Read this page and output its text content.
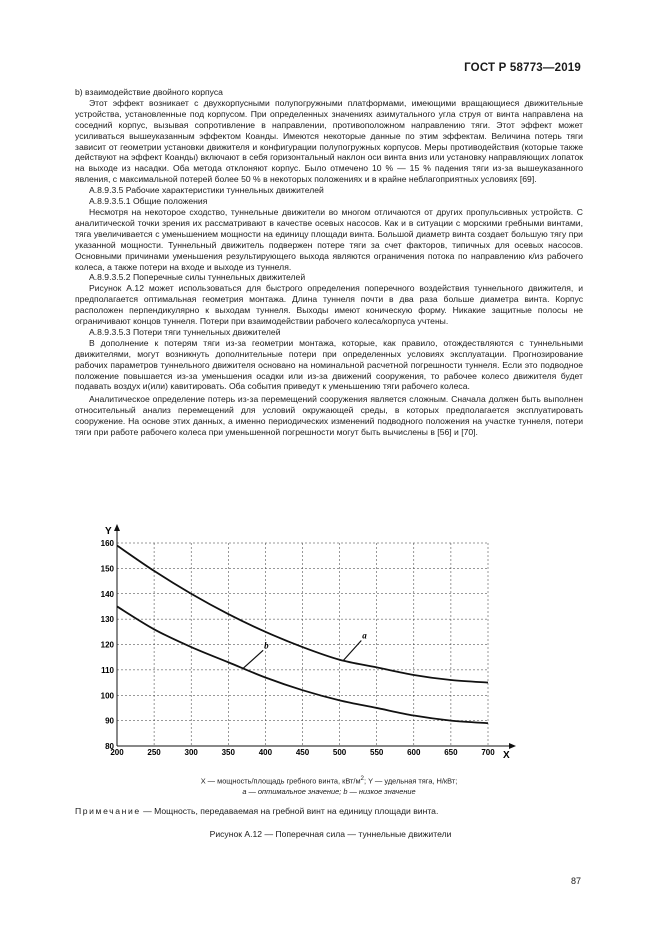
ГОСТ Р 58773—2019

b) взаимодействие двойного корпуса

Этот эффект возникает с двухкорпусными полупогружными платформами, имеющими вращающиеся движительные устройства, установленные под корпусом. При определенных значениях азимутального угла струя от винта направлена на соседний корпус, вызывая сопротивление в направлении, противоположном направлению тяги. Этот эффект может усиливаться вышеуказанным эффектом Коанды. Имеются некоторые данные по этим эффектам. Величина потерь тяги зависит от геометрии установки движителя и конфигурации полупогружных корпусов. Меры противодействия (которые также действуют на эффект Коанды) включают в себя горизонтальный наклон оси винта вниз или установку направляющих лопаток на выходе из насадки. Оба метода отклоняют корпус. Было отмечено 10 % — 15 % падения тяги из-за вышеуказанного явления, с максимальной потерей более 50 % в некоторых положениях и в крайне неблагоприятных условиях [69].

А.8.9.3.5 Рабочие характеристики туннельных движителей

А.8.9.3.5.1 Общие положения

Несмотря на некоторое сходство, туннельные движители во многом отличаются от других пропульсивных устройств. С аналитической точки зрения их рассматривают в качестве осевых насосов. Как и в ситуации с морскими гребными винтами, тяга увеличивается с уменьшением мощности на единицу площади винта. Большой диаметр винта создает большую тягу при указанной мощности. Туннельный движитель подвержен потере тяги за счет факторов, типичных для осевых насосов. Основными причинами уменьшения результирующего выхода являются ограничения потока по направлению к/из рабочего колеса, а также потери на входе и выходе из туннеля.

А.8.9.3.5.2 Поперечные силы туннельных движителей

Рисунок А.12 может использоваться для быстрого определения поперечного воздействия туннельного движителя, и предполагается оптимальная геометрия монтажа. Длина туннеля почти в два раза больше диаметра винта. Корпус расположен перпендикулярно к выходам туннеля. Выходы имеют коническую форму. Никакие защитные полосы не ограничивают концов туннеля. Потери при взаимодействии рабочего колеса/корпуса учтены.

А.8.9.3.5.3 Потери тяги туннельных движителей

В дополнение к потерям тяги из-за геометрии монтажа, которые, как правило, отождествляются с туннельными движителями, могут возникнуть дополнительные потери при определенных условиях эксплуатации. Прогнозирование рабочих параметров туннельного движителя основано на номинальной расчетной погрешности туннеля. Если это подводное положение повышается из-за уменьшения осадки или из-за движений сооружения, то рабочее колесо движителя будет подавать воздух и(или) кавитировать. Оба события приведут к уменьшению тяги рабочего колеса.

Аналитическое определение потерь из-за перемещений сооружения является сложным. Сначала должен быть выполнен относительный анализ перемещений для условий окружающей среды, в которых предполагается эксплуатировать сооружение. На основе этих данных, а именно периодических изменений подводного положения на участке туннеля, потери тяги при работе рабочего колеса при уменьшенной погрешности могут быть вычислены в [56] и [70].

80
90
100
110
120
130
140
150
160
200	250	300	350	400	450	500	550	600	650	700
Y
X
a
b
X — мощность/площадь гребного винта, кВт/$м^2$; Y — удельная тяга, Н/кВт;
a — оптимальное значение; b — низкое значение
Примечание — Мощность, передаваемая на гребной винт на единицу площади винта.
Рисунок А.12 — Поперечная сила — туннельные движители
87
